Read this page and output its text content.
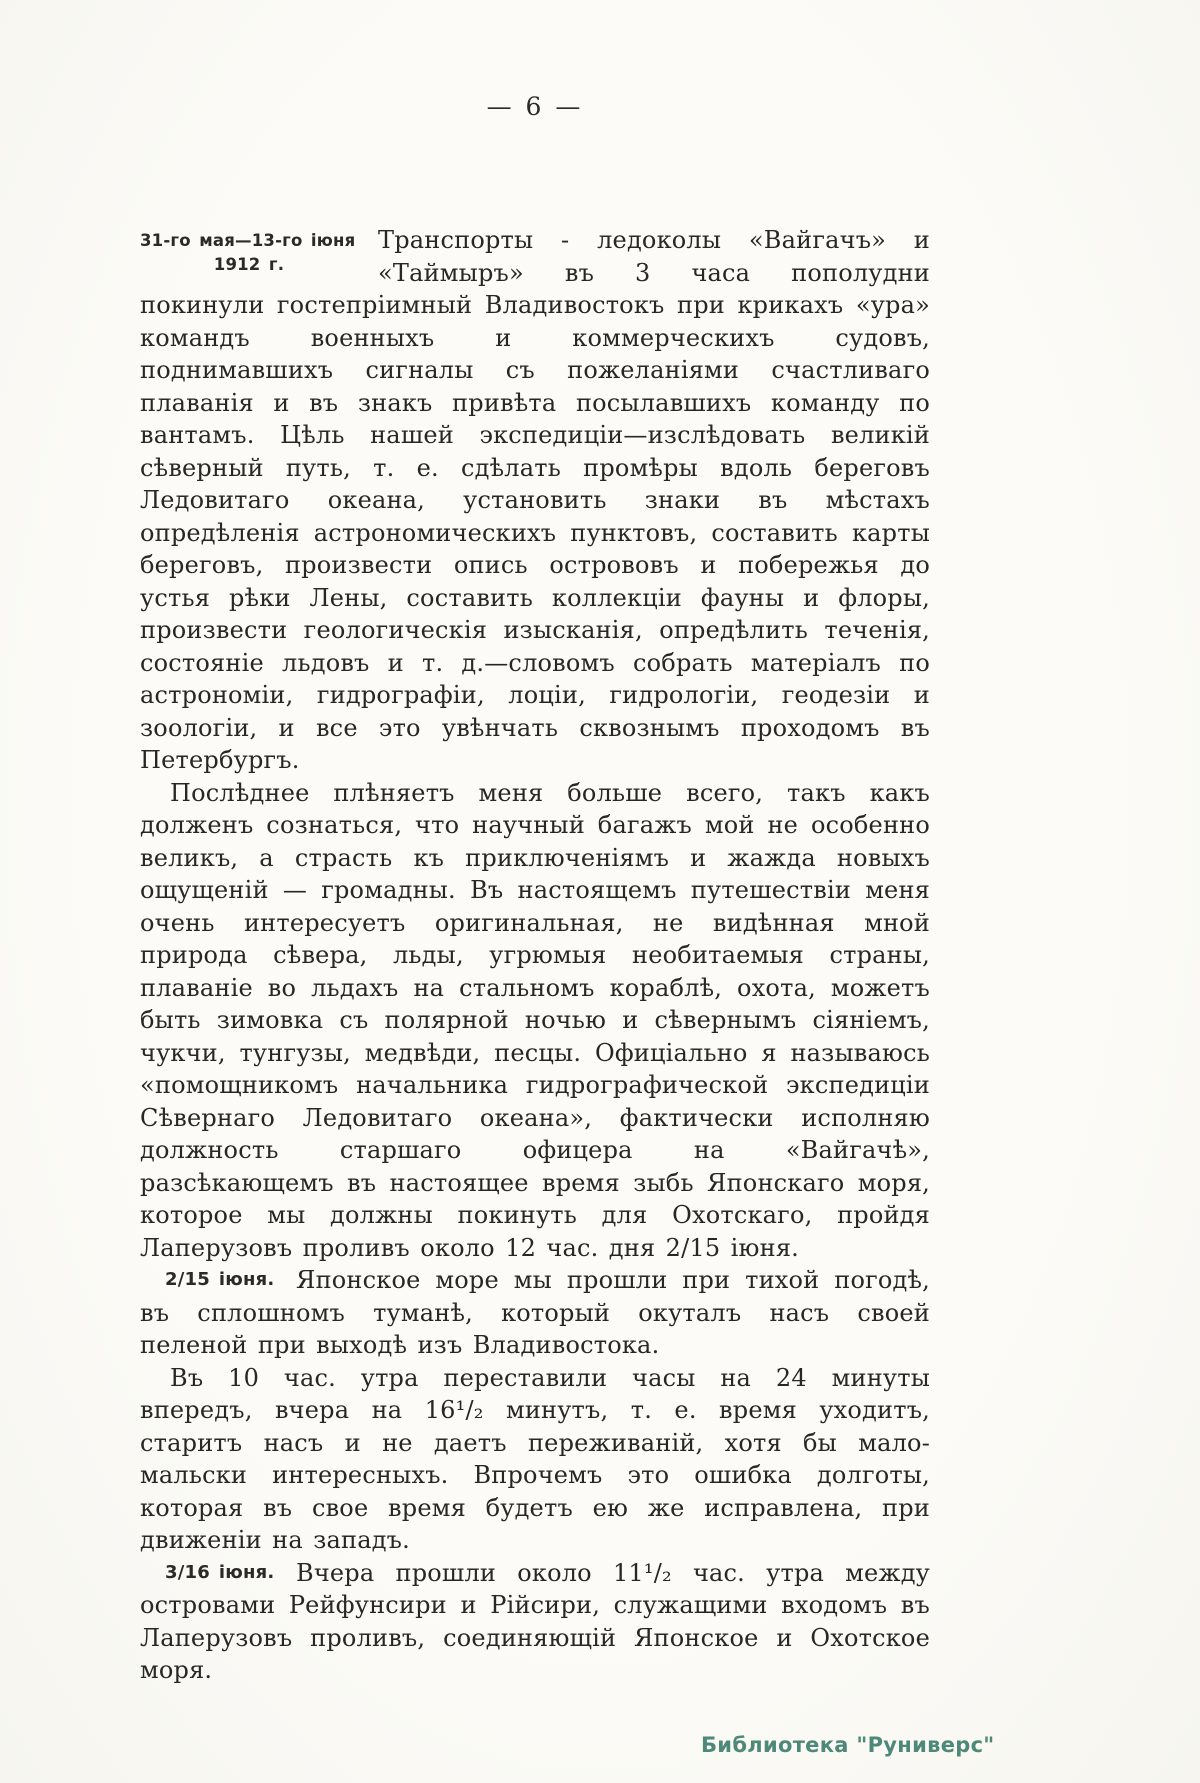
— 6 —

31-го мая—13-го іюня
1912 г.
Транспорты - ледоколы «Вайгачъ» и «Таймыръ» въ 3 часа пополудни покинули гостепріимный Владивостокъ при крикахъ «ура» командъ военныхъ и коммерческихъ судовъ, поднимавшихъ сигналы съ пожеланіями счастливаго плаванія и въ знакъ привѣта посылавшихъ команду по вантамъ. Цѣль нашей экспедиціи—изслѣдовать великій сѣверный путь, т. е. сдѣлать промѣры вдоль береговъ Ледовитаго океана, установить знаки въ мѣстахъ опредѣленія астрономическихъ пунктовъ, составить карты береговъ, произвести опись острововъ и побережья до устья рѣки Лены, составить коллекціи фауны и флоры, произвести геологическія изысканія, опредѣлить теченія, состояніе льдовъ и т. д.—словомъ собрать матеріалъ по астрономіи, гидрографіи, лоціи, гидрологіи, геодезіи и зоологіи, и все это увѣнчать сквознымъ проходомъ въ Петербургъ.

Послѣднее плѣняетъ меня больше всего, такъ какъ долженъ сознаться, что научный багажъ мой не особенно великъ, а страсть къ приключеніямъ и жажда новыхъ ощущеній — громадны. Въ настоящемъ путешествіи меня очень интересуетъ оригинальная, не видѣнная мной природа сѣвера, льды, угрюмыя необитаемыя страны, плаваніе во льдахъ на стальномъ кораблѣ, охота, можетъ быть зимовка съ полярной ночью и сѣвернымъ сіяніемъ, чукчи, тунгузы, медвѣди, песцы. Офиціально я называюсь «помощникомъ начальника гидрографической экспедиціи Сѣвернаго Ледовитаго океана», фактически исполняю должность старшаго офицера на «Вайгачѣ», разсѣкающемъ въ настоящее время зыбь Японскаго моря, которое мы должны покинуть для Охотскаго, пройдя Лаперузовъ проливъ около 12 час. дня 2/15 іюня.

2/15 іюня. Японское море мы прошли при тихой погодѣ, въ сплошномъ туманѣ, который окуталъ насъ своей пеленой при выходѣ изъ Владивостока.

Въ 10 час. утра переставили часы на 24 минуты впередъ, вчера на 16¹/₂ минутъ, т. е. время уходитъ, старитъ насъ и не даетъ переживаній, хотя бы мало-мальски интересныхъ. Впрочемъ это ошибка долготы, которая въ свое время будетъ ею же исправлена, при движеніи на западъ.

3/16 іюня. Вчера прошли около 11¹/₂ час. утра между островами Рейфунсири и Рійсири, служащими входомъ въ Лаперузовъ проливъ, соединяющій Японское и Охотское моря.

Библиотека "Руниверс"
